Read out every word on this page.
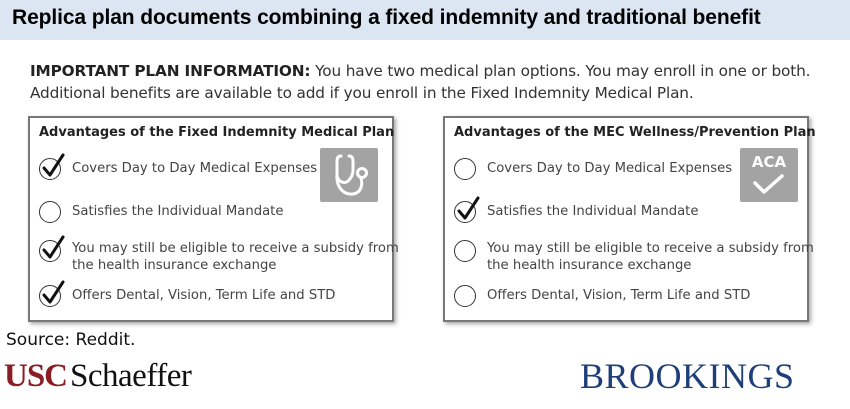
Replica plan documents combining a fixed indemnity and traditional benefit
IMPORTANT PLAN INFORMATION: You have two medical plan options. You may enroll in one or both. Additional benefits are available to add if you enroll in the Fixed Indemnity Medical Plan.
Advantages of the Fixed Indemnity Medical Plan
Covers Day to Day Medical Expenses
Satisfies the Individual Mandate
You may still be eligible to receive a subsidy from
the health insurance exchange
Offers Dental, Vision, Term Life and STD
Advantages of the MEC Wellness/Prevention Plan
ACA
Covers Day to Day Medical Expenses
Satisfies the Individual Mandate
You may still be eligible to receive a subsidy from
the health insurance exchange
Offers Dental, Vision, Term Life and STD
Source: Reddit.
USCSchaeffer	BROOKINGS
